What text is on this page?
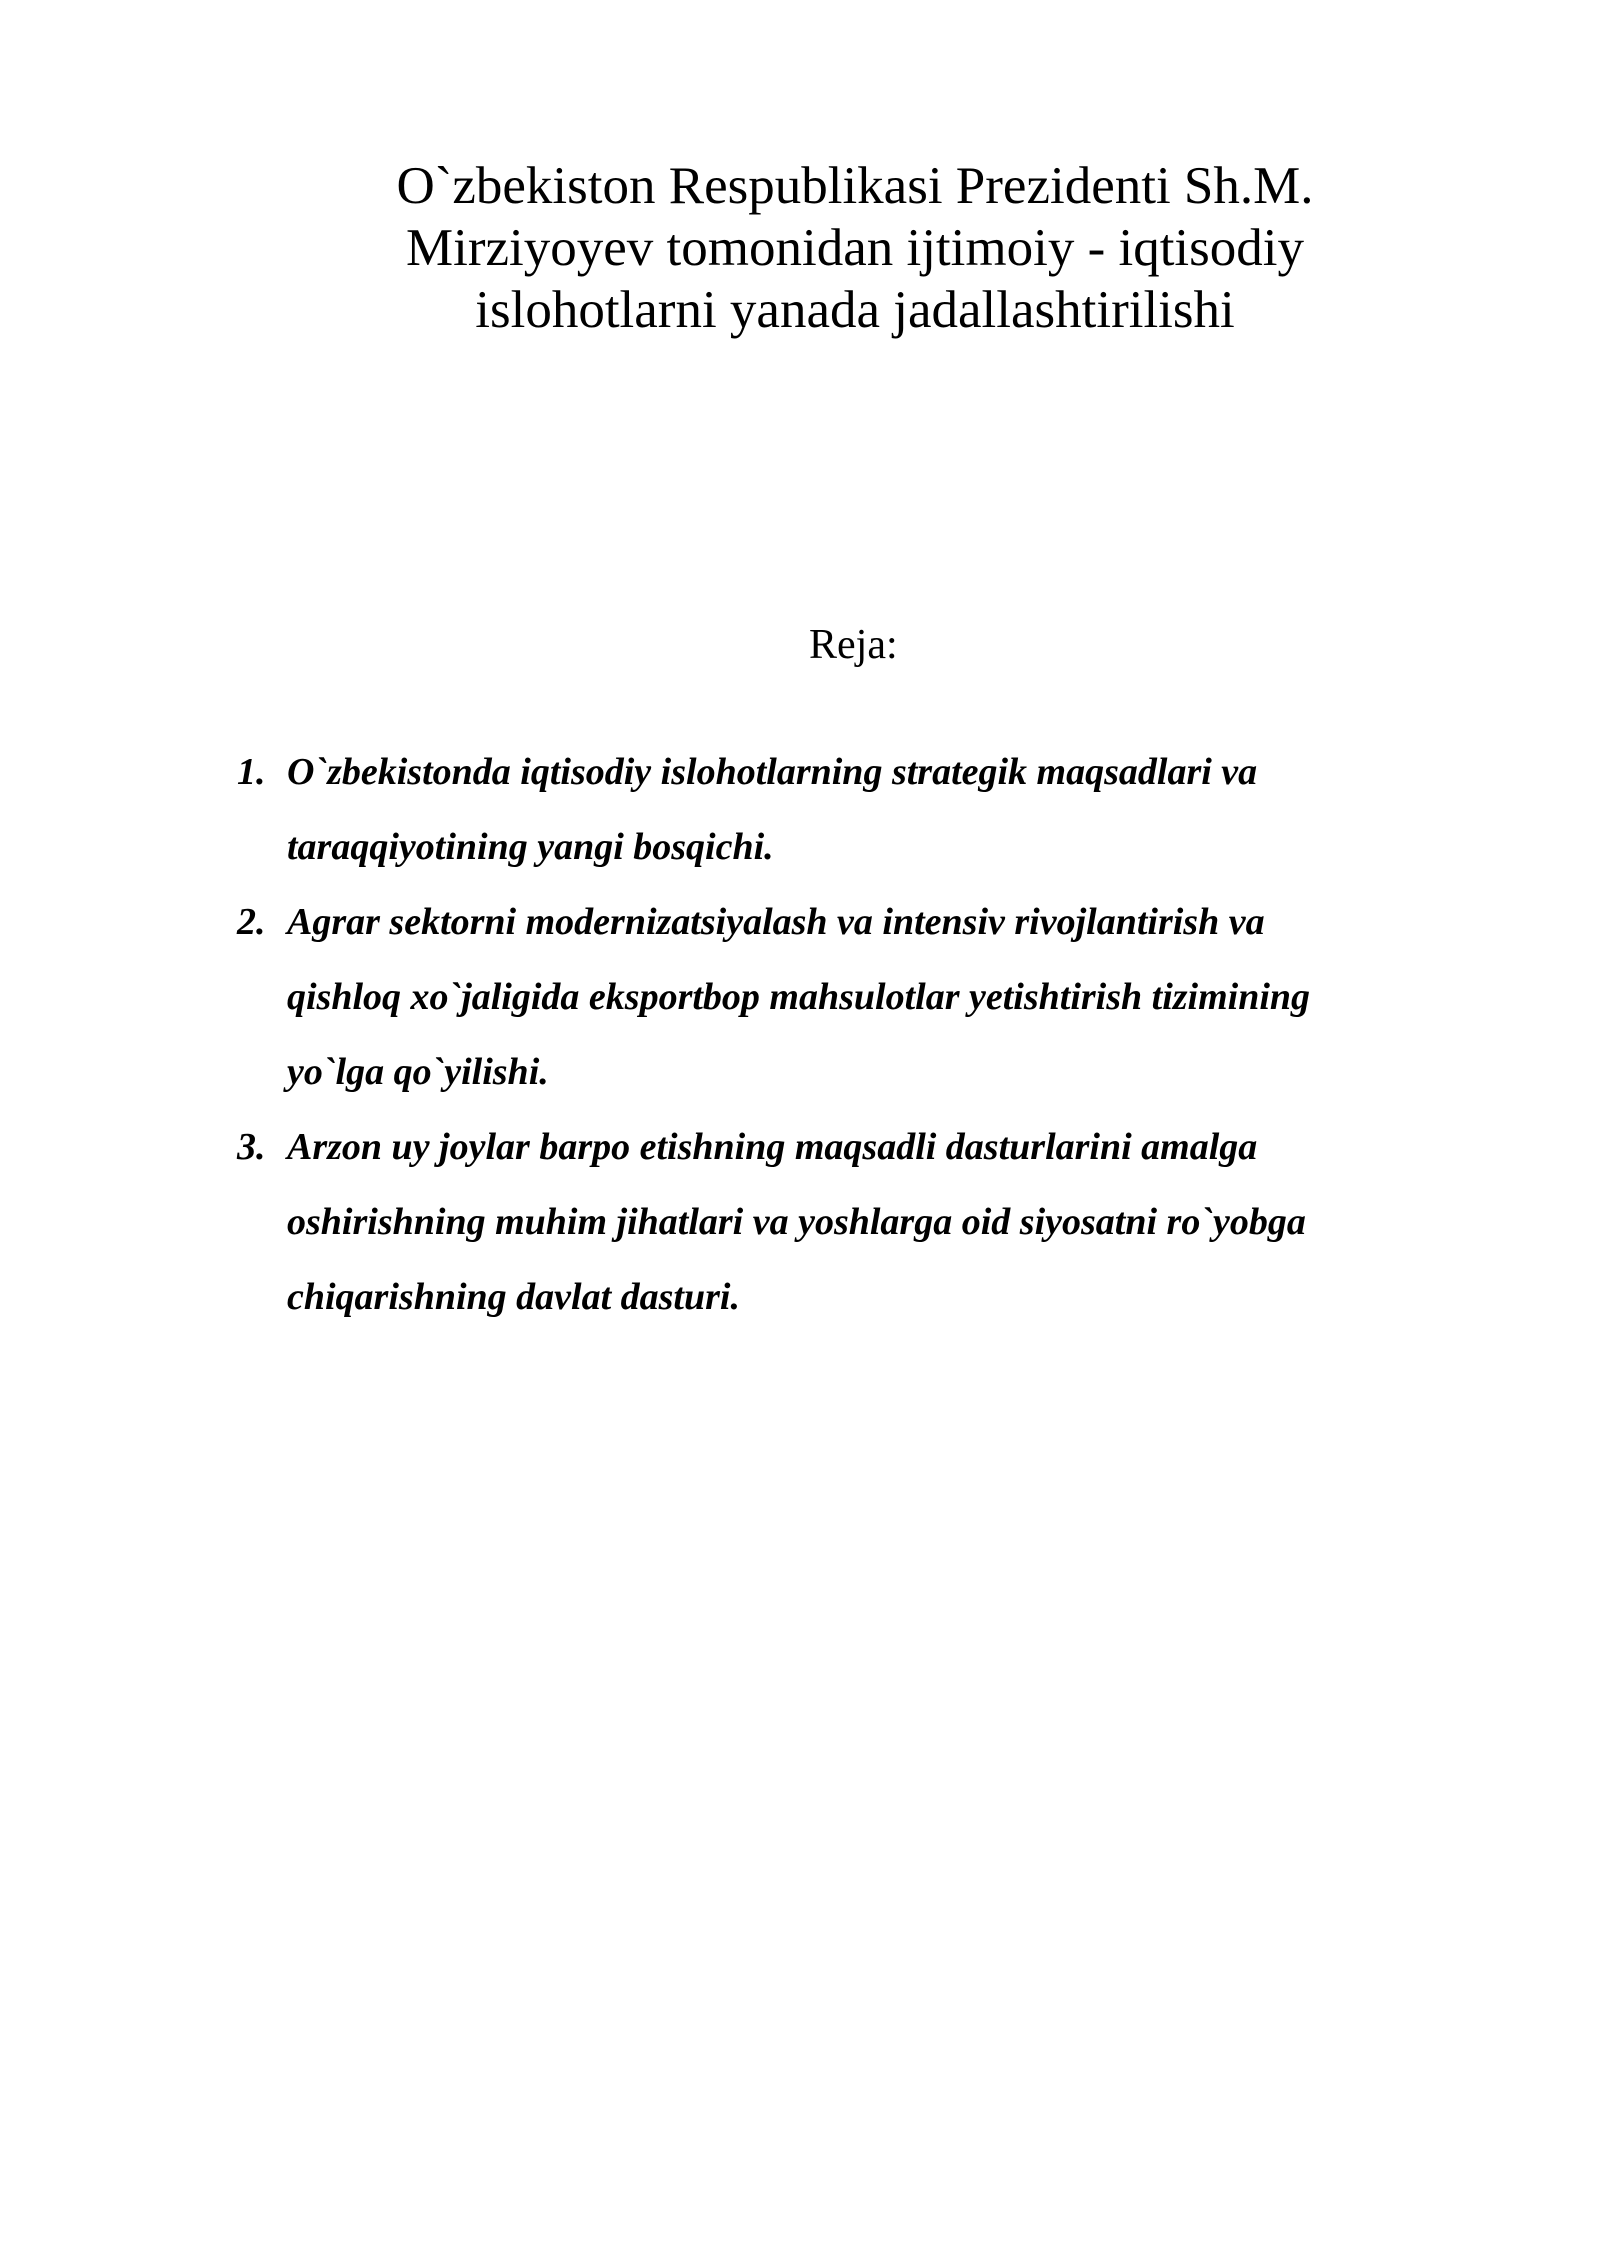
O`zbekiston Respublikasi Prezidenti Sh.M.
Mirziyoyev tomonidan ijtimoiy - iqtisodiy
islohotlarni yanada jadallashtirilishi
Reja:
1. O`zbekistonda iqtisodiy islohotlarning strategik maqsadlari va
taraqqiyotining yangi bosqichi.
2. Agrar sektorni modernizatsiyalash va intensiv rivojlantirish va
qishloq xo`jaligida eksportbop mahsulotlar yetishtirish tizimining
yo`lga qo`yilishi.
3. Arzon uy joylar barpo etishning maqsadli dasturlarini amalga
oshirishning muhim jihatlari va yoshlarga oid siyosatni ro`yobga
chiqarishning davlat dasturi.
